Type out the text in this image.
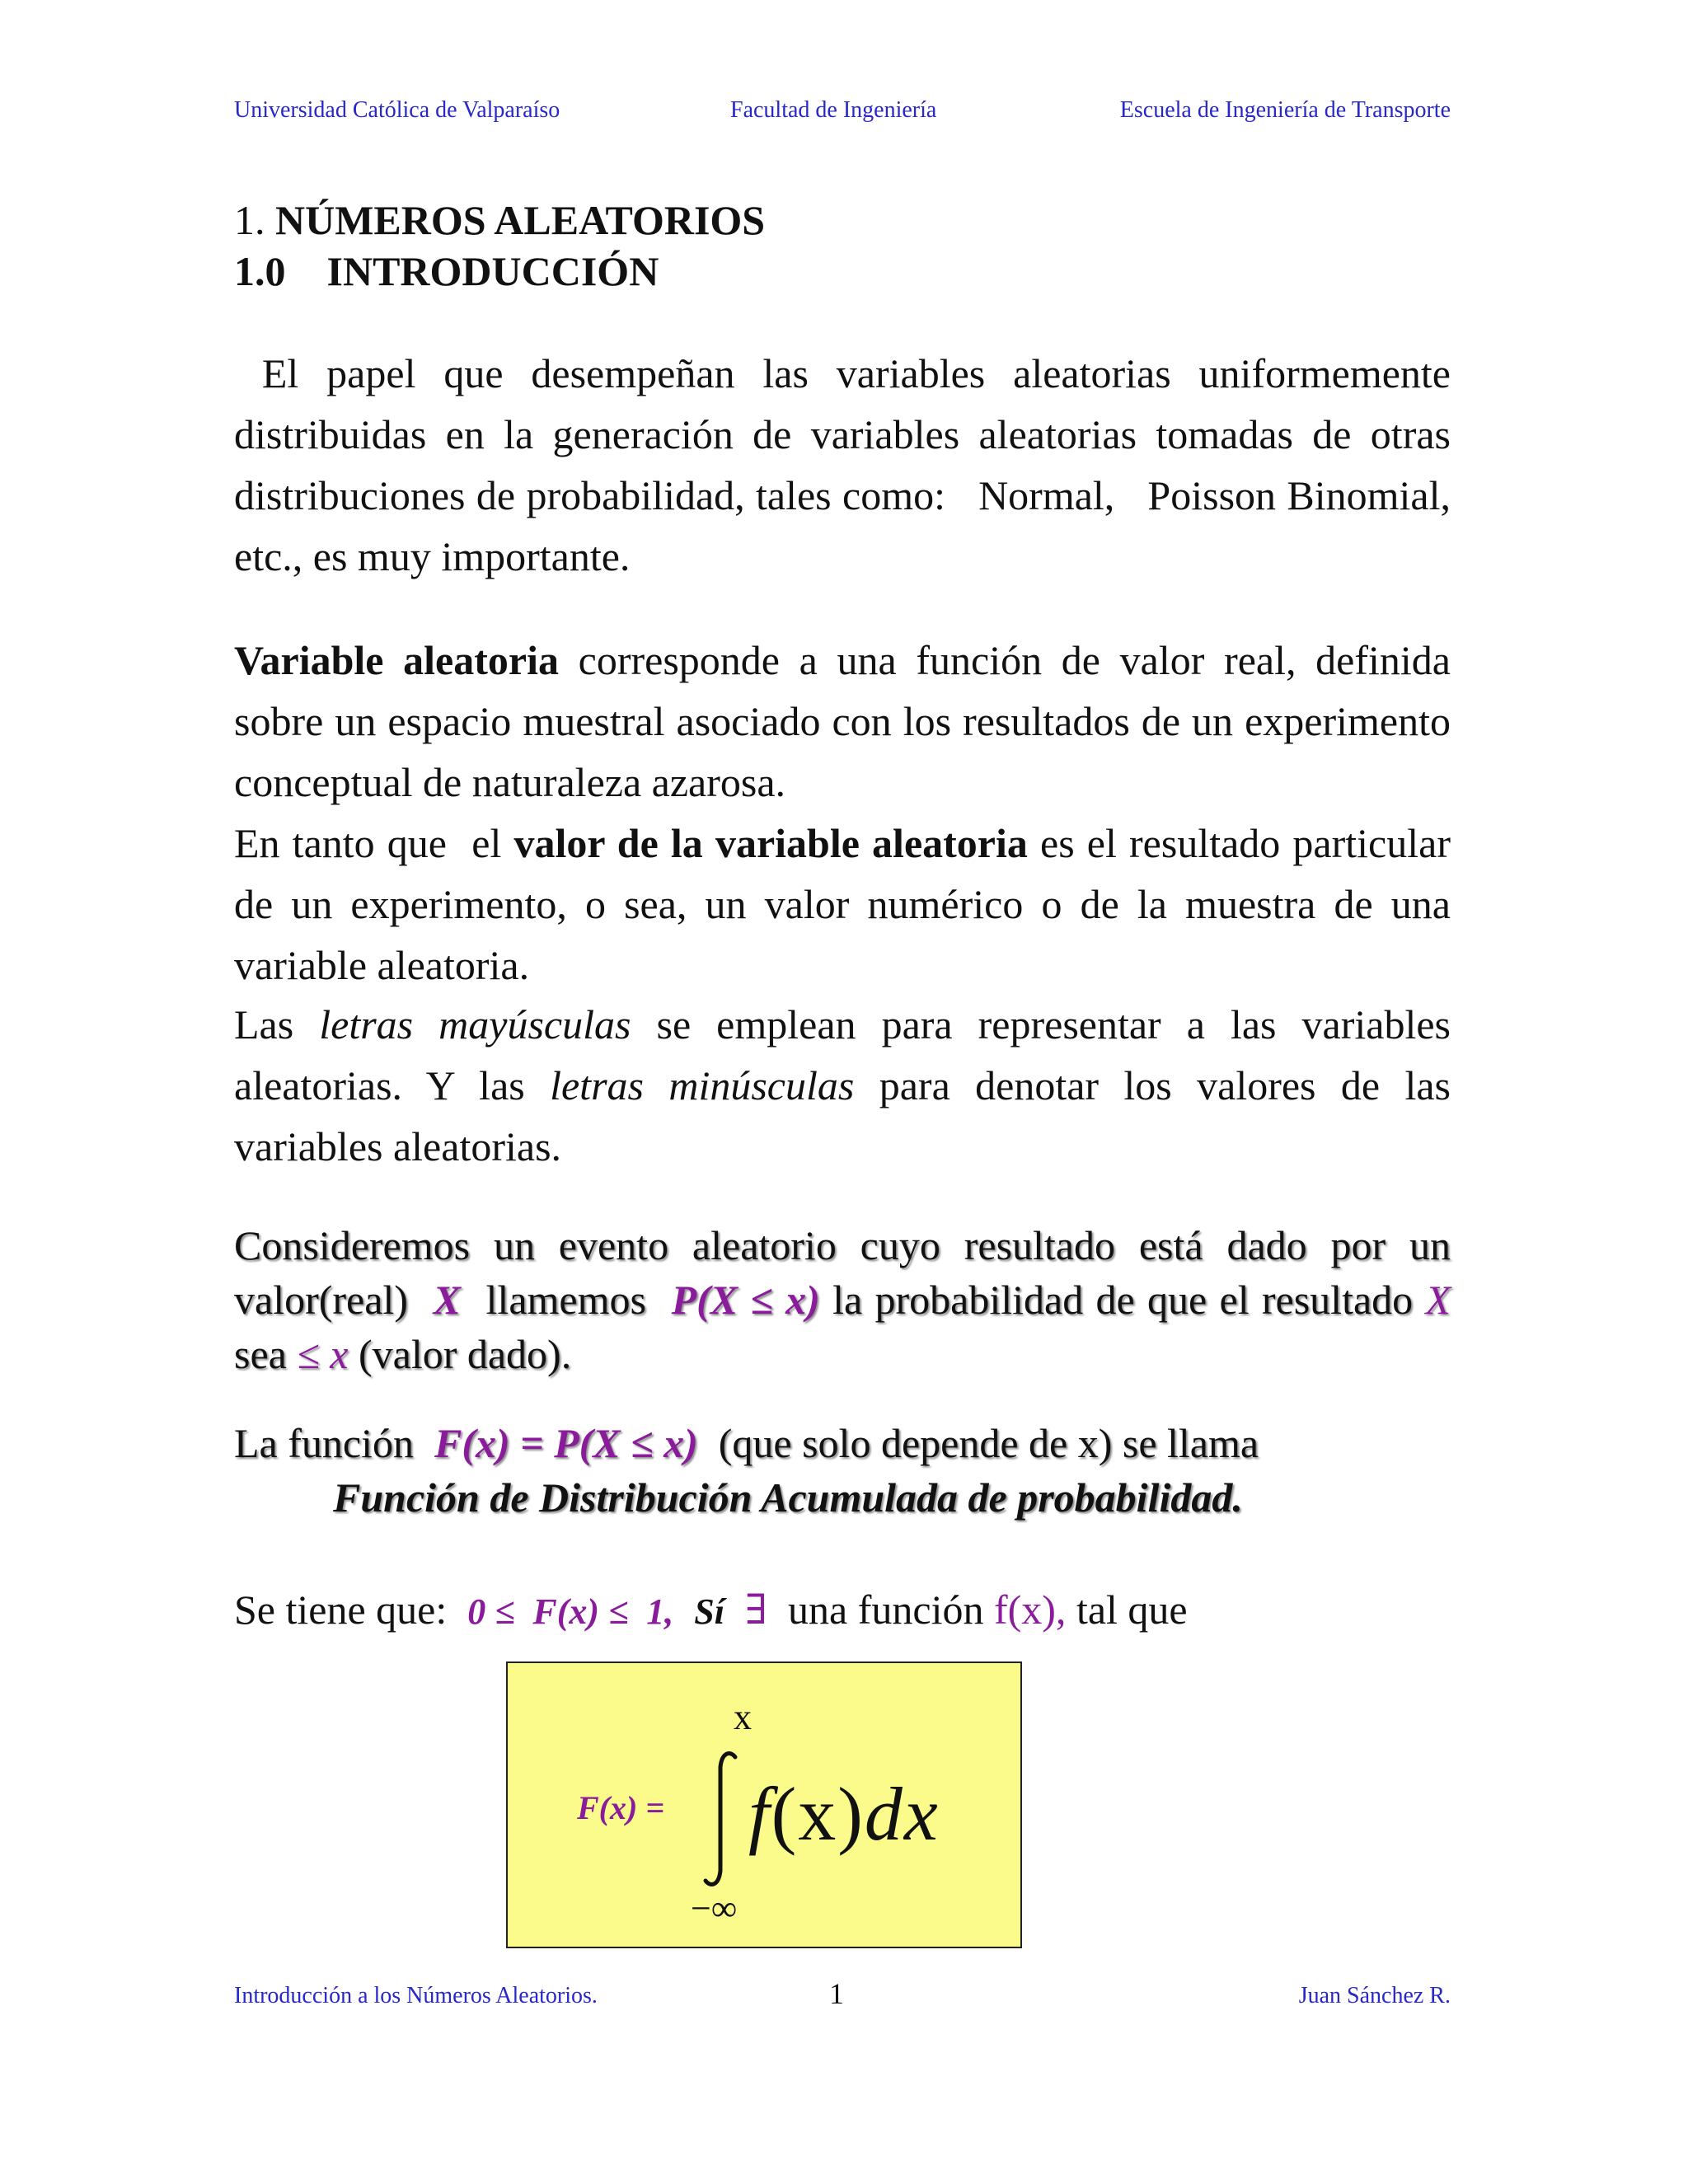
Universidad Católica de Valparaíso	Facultad de Ingeniería	Escuela de Ingeniería de Transporte
1. NÚMEROS ALEATORIOS
1.0    INTRODUCCIÓN
El papel que desempeñan las variables aleatorias uniformemente distribuidas en la generación de variables aleatorias tomadas de otras distribuciones de probabilidad, tales como:   Normal,   Poisson Binomial, etc., es muy importante.
Variable aleatoria corresponde a una función de valor real, definida sobre un espacio muestral asociado con los resultados de un experimento conceptual de naturaleza azarosa.
En tanto que  el valor de la variable aleatoria es el resultado particular de un experimento, o sea, un valor numérico o de la muestra de una variable aleatoria.
Las letras mayúsculas se emplean para representar a las variables aleatorias. Y las letras minúsculas para denotar los valores de las variables aleatorias.
Consideremos un evento aleatorio cuyo resultado está dado por un valor(real)  X  llamemos  P(X ≤ x) la probabilidad de que el resultado X sea ≤ x (valor dado).
La función  F(x) = P(X ≤ x)  (que solo depende de x) se llama
Función de Distribución Acumulada de probabilidad.
Se tiene que:  0 ≤  F(x) ≤  1, Sí ∃  una función f(x), tal que
F(x) =
x
−∞
f(x)dx
Introducción a los Números Aleatorios.	1	Juan Sánchez R.
